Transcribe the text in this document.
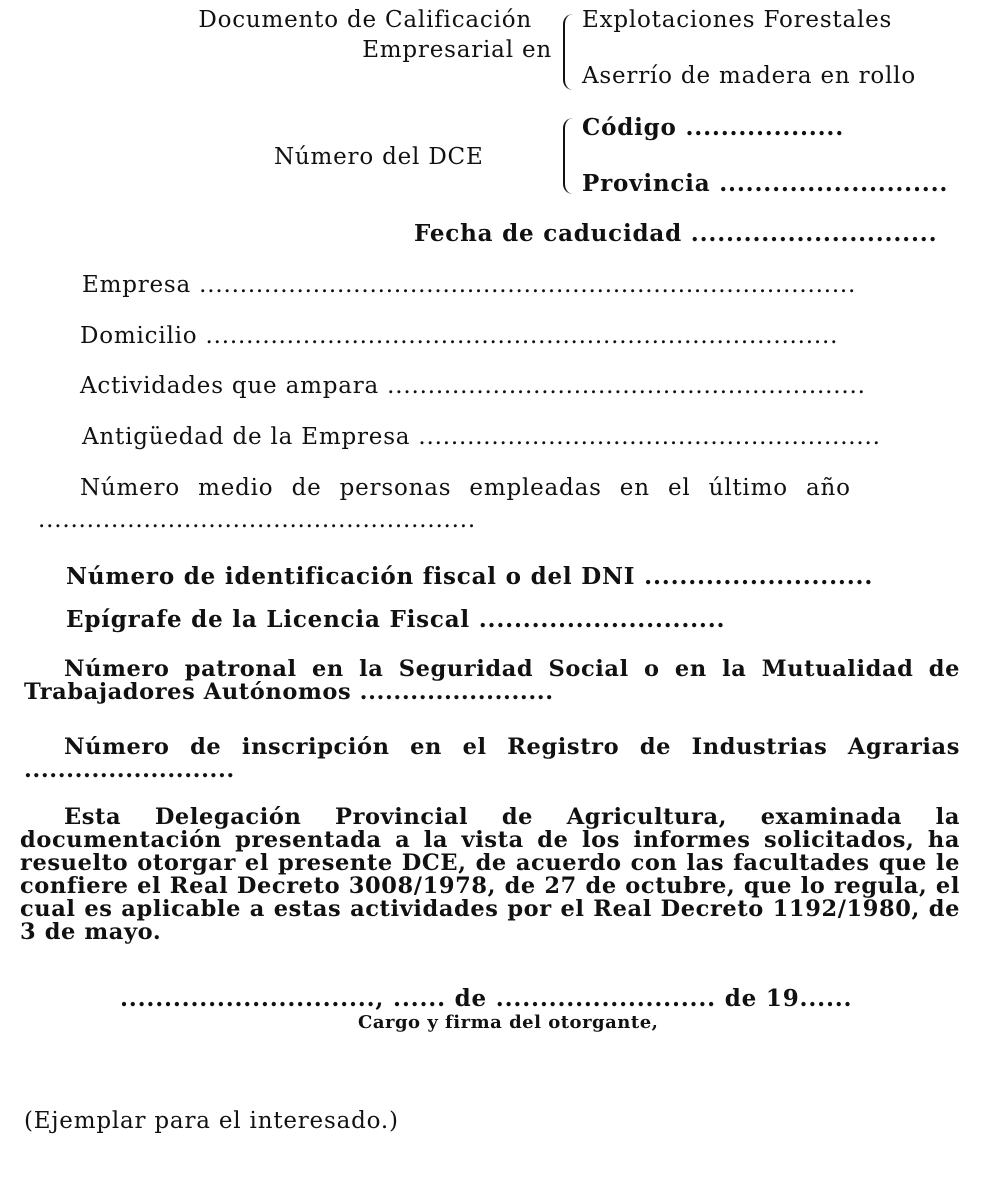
Documento de Calificación
Empresarial en
Explotaciones Forestales
Aserrío de madera en rollo
Número del DCE
Código ..................
Provincia ..........................
Fecha de caducidad ............................
Empresa .................................................................................
Domicilio ..............................................................................
Actividades que ampara ...........................................................
Antigüedad de la Empresa .........................................................
Número medio de personas empleadas en el último año
......................................................
Número de identificación fiscal o del DNI ..........................
Epígrafe de la Licencia Fiscal ............................
Número patronal en la Seguridad Social o en la Mutualidad de Trabajadores Autónomos .......................
Número de inscripción en el Registro de Industrias Agrarias .........................
Esta Delegación Provincial de Agricultura, examinada la documentación presentada a la vista de los informes solicitados, ha resuelto otorgar el presente DCE, de acuerdo con las facultades que le confiere el Real Decreto 3008/1978, de 27 de octubre, que lo regula, el cual es aplicable a estas actividades por el Real Decreto 1192/1980, de 3 de mayo.
............................., ...... de ......................... de 19......
Cargo y firma del otorgante,
(Ejemplar para el interesado.)
